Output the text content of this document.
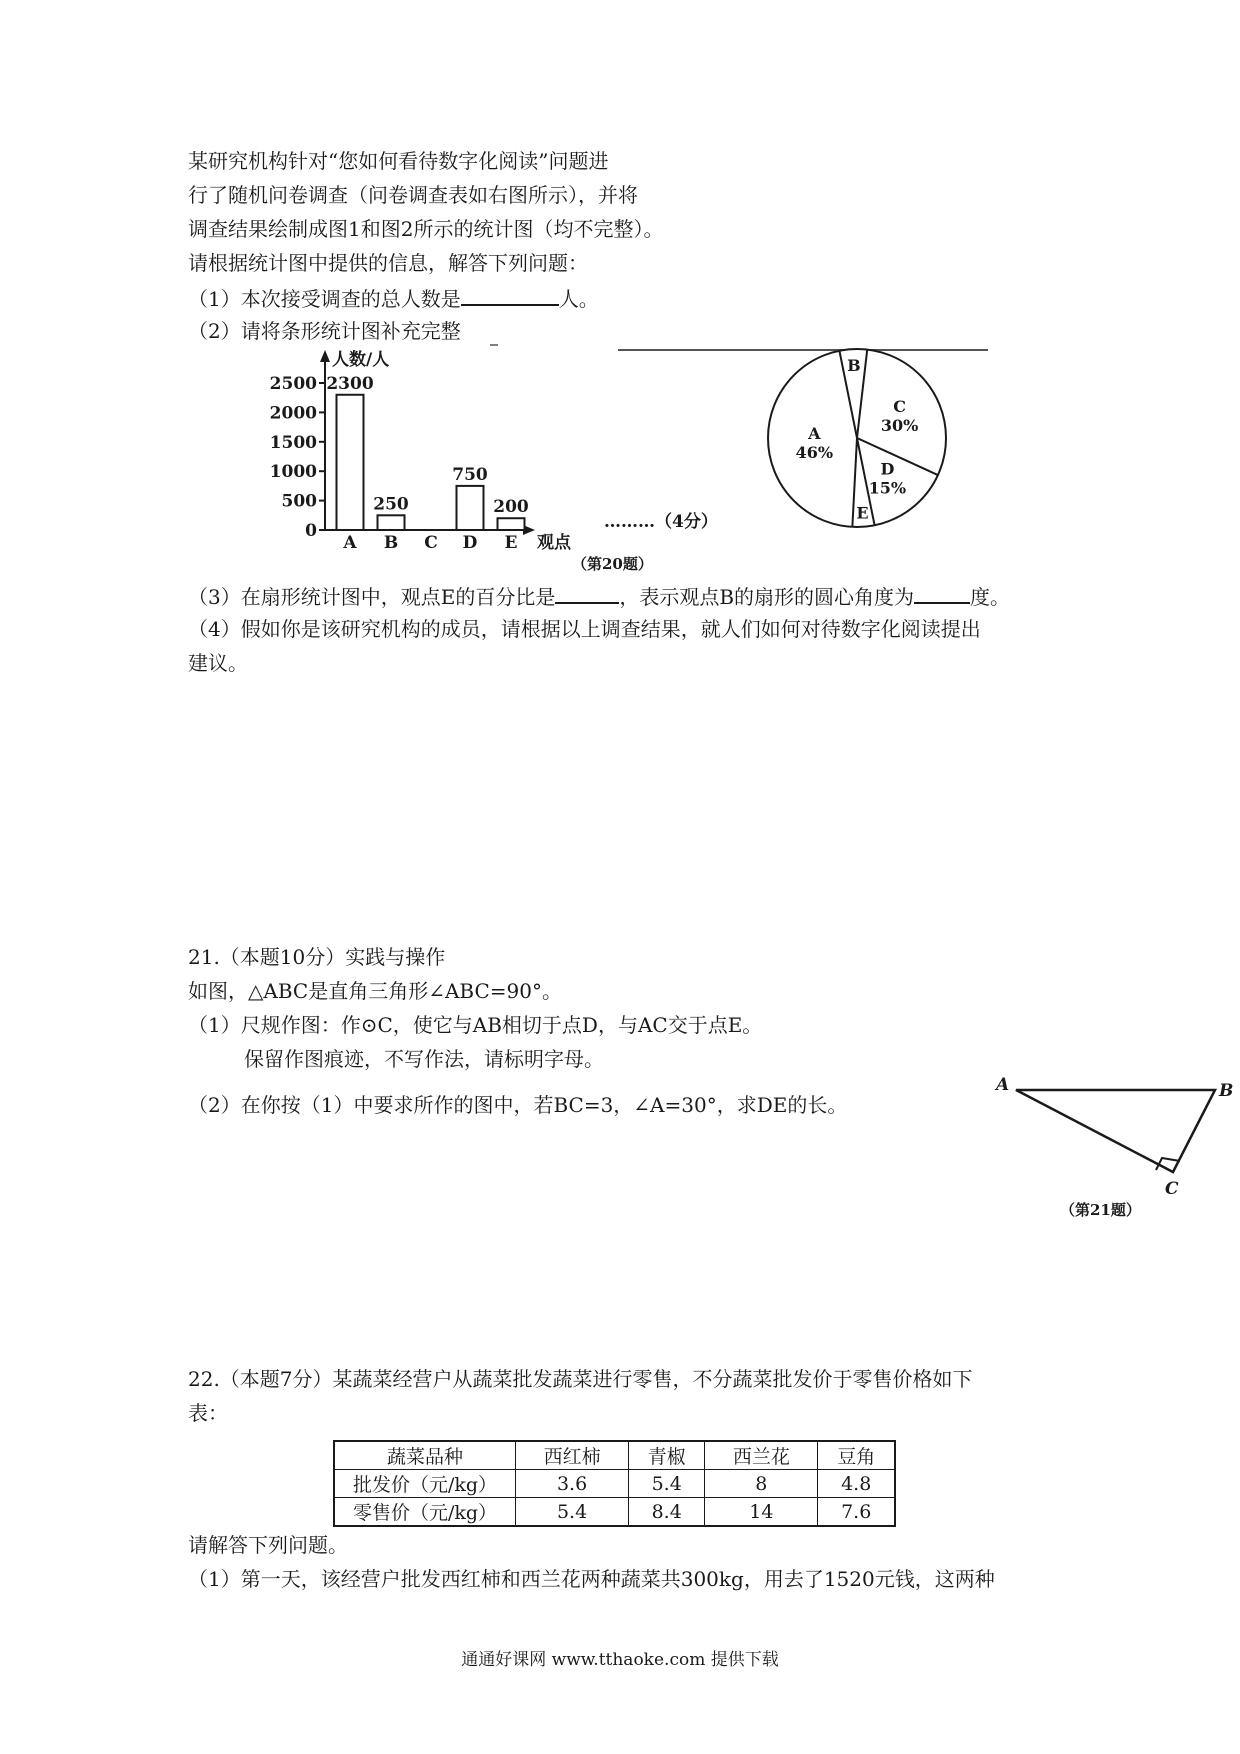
某研究机构针对“您如何看待数字化阅读”问题进
行了随机问卷调查（问卷调查表如右图所示），并将
调查结果绘制成图1和图2所示的统计图（均不完整）。
请根据统计图中提供的信息，解答下列问题：
（1）本次接受调查的总人数是	人。
（2）请将条形统计图补充完整
人数/人
观点
0
500
1000
1500
2000
2500
A
2300
B
250
C D
750
E
200
………（4分）
（第20题）
A
46%
B
C
30%
D
15%
E
（3）在扇形统计图中，观点E的百分比是	，表示观点B的扇形的圆心角度为	度。
（4）假如你是该研究机构的成员，请根据以上调查结果，就人们如何对待数字化阅读提出
建议。
21.（本题10分）实践与操作
如图，△ABC是直角三角形∠ABC=90°。
（1）尺规作图：作⊙C，使它与AB相切于点D，与AC交于点E。
保留作图痕迹，不写作法，请标明字母。
（2）在你按（1）中要求所作的图中，若BC=3，∠A=30°，求DE的长。
A	B
C
（第21题）
22.（本题7分）某蔬菜经营户从蔬菜批发蔬菜进行零售，不分蔬菜批发价于零售价格如下
表：
蔬菜品种	西红柿	青椒	西兰花	豆角
批发价（元/kg）	3.6	5.4	8	4.8
零售价（元/kg）	5.4	8.4	14	7.6
请解答下列问题。
（1）第一天，该经营户批发西红柿和西兰花两种蔬菜共300kg，用去了1520元钱，这两种
通通好课网 www.tthaoke.com 提供下载
